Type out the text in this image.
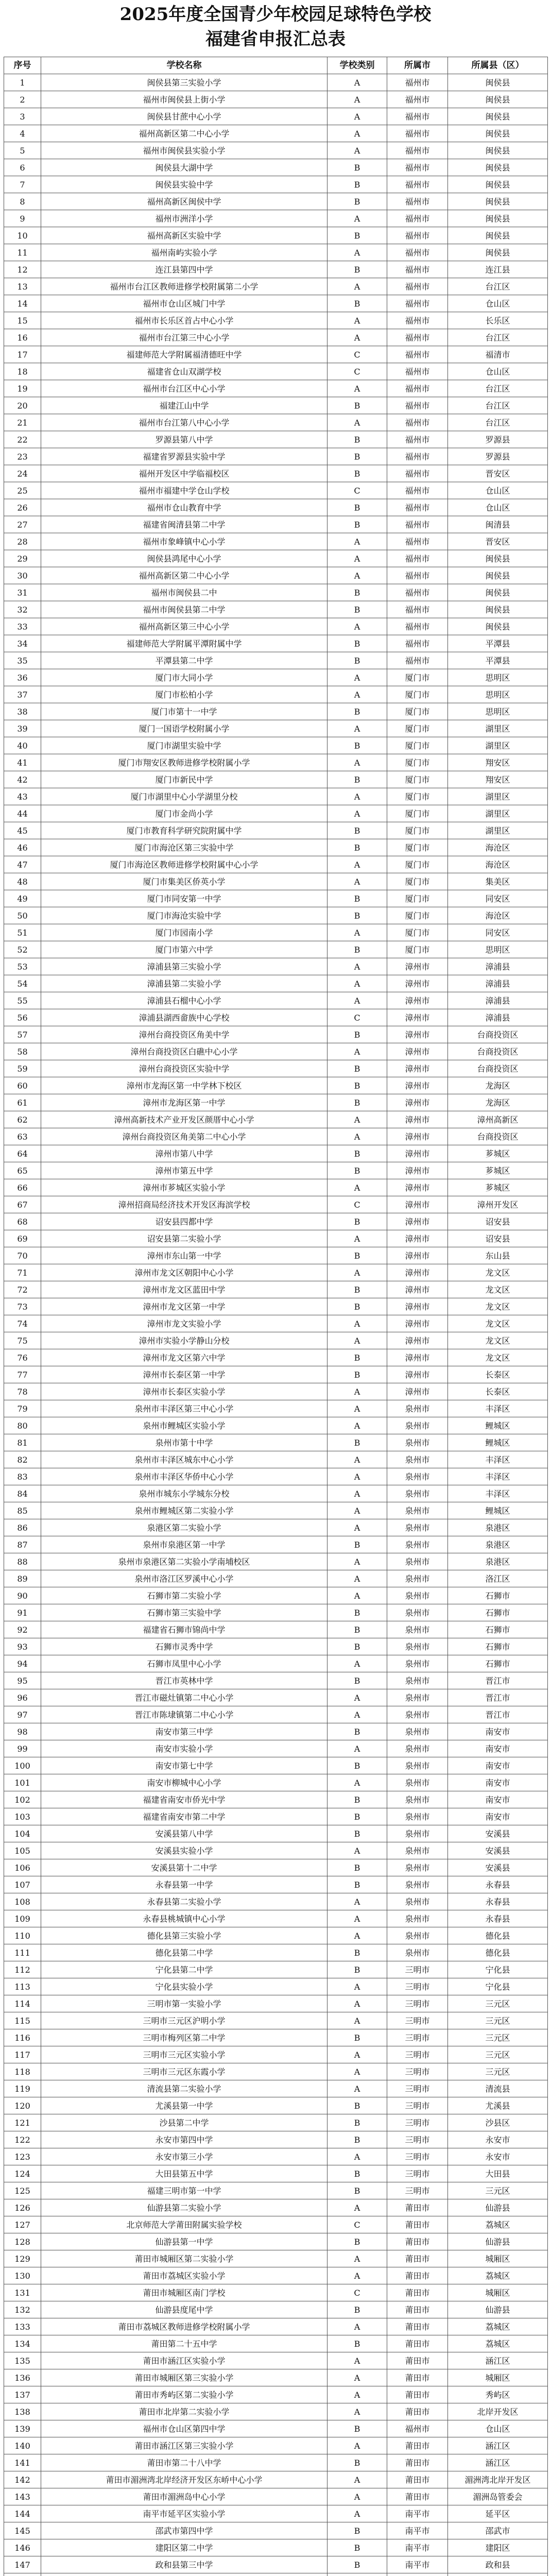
2025年度全国青少年校园足球特色学校
福建省申报汇总表
序号	学校名称	学校类别	所属市	所属县（区）
1	闽侯县第三实验小学	A	福州市	闽侯县
2	福州市闽侯县上街小学	A	福州市	闽侯县
3	闽侯县甘蔗中心小学	A	福州市	闽侯县
4	福州高新区第二中心小学	A	福州市	闽侯县
5	福州市闽侯县实验小学	A	福州市	闽侯县
6	闽侯县大湖中学	B	福州市	闽侯县
7	闽侯县实验中学	B	福州市	闽侯县
8	福州高新区闽侯中学	B	福州市	闽侯县
9	福州市洲洋小学	A	福州市	闽侯县
10	福州高新区实验中学	B	福州市	闽侯县
11	福州南屿实验小学	A	福州市	闽侯县
12	连江县第四中学	B	福州市	连江县
13	福州市台江区教师进修学校附属第二小学	A	福州市	台江区
14	福州市仓山区城门中学	B	福州市	仓山区
15	福州市长乐区首占中心小学	A	福州市	长乐区
16	福州市台江第三中心小学	A	福州市	台江区
17	福建师范大学附属福清德旺中学	C	福州市	福清市
18	福建省仓山双湖学校	C	福州市	仓山区
19	福州市台江区中心小学	A	福州市	台江区
20	福建江山中学	B	福州市	台江区
21	福州市台江第八中心小学	A	福州市	台江区
22	罗源县第八中学	B	福州市	罗源县
23	福建省罗源县实验中学	B	福州市	罗源县
24	福州开发区中学临福校区	B	福州市	晋安区
25	福州市福建中学仓山学校	C	福州市	仓山区
26	福州市仓山教育中学	B	福州市	仓山区
27	福建省闽清县第二中学	B	福州市	闽清县
28	福州市象峰镇中心小学	A	福州市	晋安区
29	闽侯县鸿尾中心小学	A	福州市	闽侯县
30	福州高新区第二中心小学	A	福州市	闽侯县
31	福州市闽侯县二中	B	福州市	闽侯县
32	福州市闽侯县第二中学	B	福州市	闽侯县
33	福州高新区第三中心小学	A	福州市	闽侯县
34	福建师范大学附属平潭附属中学	B	福州市	平潭县
35	平潭县第二中学	B	福州市	平潭县
36	厦门市大同小学	A	厦门市	思明区
37	厦门市松柏小学	A	厦门市	思明区
38	厦门市第十一中学	B	厦门市	思明区
39	厦门一国语学校附属小学	A	厦门市	湖里区
40	厦门市湖里实验中学	B	厦门市	湖里区
41	厦门市翔安区教师进修学校附属小学	A	厦门市	翔安区
42	厦门市新民中学	B	厦门市	翔安区
43	厦门市湖里中心小学湖里分校	A	厦门市	湖里区
44	厦门市金尚小学	A	厦门市	湖里区
45	厦门市教育科学研究院附属中学	B	厦门市	湖里区
46	厦门市海沧区第三实验中学	B	厦门市	海沧区
47	厦门市海沧区教师进修学校附属中心小学	A	厦门市	海沧区
48	厦门市集美区侨英小学	A	厦门市	集美区
49	厦门市同安第一中学	B	厦门市	同安区
50	厦门市海沧实验中学	B	厦门市	海沧区
51	厦门市园南小学	A	厦门市	同安区
52	厦门市第六中学	B	厦门市	思明区
53	漳浦县第三实验小学	A	漳州市	漳浦县
54	漳浦县第二实验小学	A	漳州市	漳浦县
55	漳浦县石榴中心小学	A	漳州市	漳浦县
56	漳浦县湖西畲族中心学校	C	漳州市	漳浦县
57	漳州台商投资区角美中学	B	漳州市	台商投资区
58	漳州台商投资区白礁中心小学	A	漳州市	台商投资区
59	漳州台商投资区实验中学	B	漳州市	台商投资区
60	漳州市龙海区第一中学林下校区	B	漳州市	龙海区
61	漳州市龙海区第一中学	B	漳州市	龙海区
62	漳州高新技术产业开发区颜厝中心小学	A	漳州市	漳州高新区
63	漳州台商投资区角美第二中心小学	A	漳州市	台商投资区
64	漳州市第八中学	B	漳州市	芗城区
65	漳州市第五中学	B	漳州市	芗城区
66	漳州市芗城区实验小学	A	漳州市	芗城区
67	漳州招商局经济技术开发区海滨学校	C	漳州市	漳州开发区
68	诏安县四都中学	B	漳州市	诏安县
69	诏安县第二实验小学	A	漳州市	诏安县
70	漳州市东山第一中学	B	漳州市	东山县
71	漳州市龙文区朝阳中心小学	A	漳州市	龙文区
72	漳州市龙文区蓝田中学	B	漳州市	龙文区
73	漳州市龙文区第一中学	B	漳州市	龙文区
74	漳州市龙文实验小学	A	漳州市	龙文区
75	漳州市实验小学静山分校	A	漳州市	龙文区
76	漳州市龙文区第六中学	B	漳州市	龙文区
77	漳州市长泰区第一中学	B	漳州市	长泰区
78	漳州市长泰区实验小学	A	漳州市	长泰区
79	泉州市丰泽区第三中心小学	A	泉州市	丰泽区
80	泉州市鲤城区实验小学	A	泉州市	鲤城区
81	泉州市第十中学	B	泉州市	鲤城区
82	泉州市丰泽区城东中心小学	A	泉州市	丰泽区
83	泉州市丰泽区华侨中心小学	A	泉州市	丰泽区
84	泉州市城东小学城东分校	A	泉州市	丰泽区
85	泉州市鲤城区第二实验小学	A	泉州市	鲤城区
86	泉港区第二实验小学	A	泉州市	泉港区
87	泉州市泉港区第一中学	B	泉州市	泉港区
88	泉州市泉港区第二实验小学南埔校区	A	泉州市	泉港区
89	泉州市洛江区罗溪中心小学	A	泉州市	洛江区
90	石狮市第二实验小学	A	泉州市	石狮市
91	石狮市第三实验中学	B	泉州市	石狮市
92	福建省石狮市锦尚中学	B	泉州市	石狮市
93	石狮市灵秀中学	B	泉州市	石狮市
94	石狮市凤里中心小学	A	泉州市	石狮市
95	晋江市英林中学	B	泉州市	晋江市
96	晋江市磁灶镇第二中心小学	A	泉州市	晋江市
97	晋江市陈埭镇第二中心小学	A	泉州市	晋江市
98	南安市第三中学	B	泉州市	南安市
99	南安市实验小学	A	泉州市	南安市
100	南安市第七中学	B	泉州市	南安市
101	南安市柳城中心小学	A	泉州市	南安市
102	福建省南安市侨光中学	B	泉州市	南安市
103	福建省南安市第二中学	B	泉州市	南安市
104	安溪县第八中学	B	泉州市	安溪县
105	安溪县实验小学	A	泉州市	安溪县
106	安溪县第十二中学	B	泉州市	安溪县
107	永春县第一中学	B	泉州市	永春县
108	永春县第二实验小学	A	泉州市	永春县
109	永春县桃城镇中心小学	A	泉州市	永春县
110	德化县第三实验小学	A	泉州市	德化县
111	德化县第二中学	B	泉州市	德化县
112	宁化县第二中学	B	三明市	宁化县
113	宁化县实验小学	A	三明市	宁化县
114	三明市第一实验小学	A	三明市	三元区
115	三明市三元区沪明小学	A	三明市	三元区
116	三明市梅列区第二中学	B	三明市	三元区
117	三明市三元区实验小学	A	三明市	三元区
118	三明市三元区东霞小学	A	三明市	三元区
119	清流县第二实验小学	A	三明市	清流县
120	尤溪县第一中学	B	三明市	尤溪县
121	沙县第二中学	B	三明市	沙县区
122	永安市第四中学	B	三明市	永安市
123	永安市第三小学	A	三明市	永安市
124	大田县第五中学	B	三明市	大田县
125	福建三明市第一中学	B	三明市	三元区
126	仙游县第二实验小学	A	莆田市	仙游县
127	北京师范大学莆田附属实验学校	C	莆田市	荔城区
128	仙游县第一中学	B	莆田市	仙游县
129	莆田市城厢区第二实验小学	A	莆田市	城厢区
130	莆田市荔城区实验小学	A	莆田市	荔城区
131	莆田市城厢区南门学校	C	莆田市	城厢区
132	仙游县度尾中学	B	莆田市	仙游县
133	莆田市荔城区教师进修学校附属小学	A	莆田市	荔城区
134	莆田第二十五中学	B	莆田市	荔城区
135	莆田市涵江区实验小学	A	莆田市	涵江区
136	莆田市城厢区第三实验小学	A	莆田市	城厢区
137	莆田市秀屿区第二实验小学	A	莆田市	秀屿区
138	莆田市北岸第二实验小学	A	莆田市	北岸开发区
139	福州市仓山区第四中学	B	福州市	仓山区
140	莆田市涵江区第三实验小学	A	莆田市	涵江区
141	莆田市第二十八中学	B	莆田市	涵江区
142	莆田市湄洲湾北岸经济开发区东峤中心小学	A	莆田市	湄洲湾北岸开发区
143	莆田市湄洲岛中心小学	A	莆田市	湄洲岛管委会
144	南平市延平区实验小学	A	南平市	延平区
145	邵武市第四中学	B	南平市	邵武市
146	建阳区第二中学	B	南平市	建阳区
147	政和县第三中学	B	南平市	政和县
